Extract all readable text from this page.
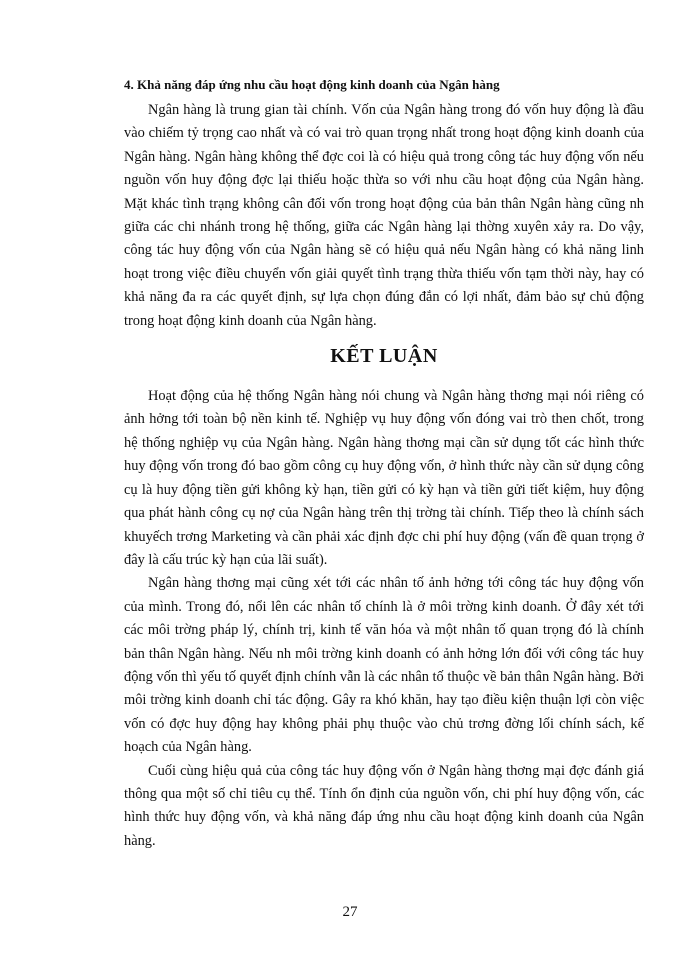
4. Khả năng đáp ứng nhu cầu hoạt động kinh doanh của Ngân hàng

Ngân hàng là trung gian tài chính. Vốn của Ngân hàng trong đó vốn huy động là đầu vào chiếm tỷ trọng cao nhất và có vai trò quan trọng nhất trong hoạt động kinh doanh của Ngân hàng. Ngân hàng không thể đợc coi là có hiệu quả trong công tác huy động vốn nếu nguồn vốn huy động đợc lại thiếu hoặc thừa so với nhu cầu hoạt động của Ngân hàng. Mặt khác tình trạng không cân đối vốn trong hoạt động của bản thân Ngân hàng cũng nh giữa các chi nhánh trong hệ thống, giữa các Ngân hàng lại thờng xuyên xảy ra. Do vậy, công tác huy động vốn của Ngân hàng sẽ có hiệu quả nếu Ngân hàng có khả năng linh hoạt trong việc điều chuyển vốn giải quyết tình trạng thừa thiếu vốn tạm thời này, hay có khả năng đa ra các quyết định, sự lựa chọn đúng đắn có lợi nhất, đảm bảo sự chủ động trong hoạt động kinh doanh của Ngân hàng.

KẾT LUẬN

Hoạt động của hệ thống Ngân hàng nói chung và Ngân hàng thơng mại nói riêng có ảnh hởng tới toàn bộ nền kinh tế. Nghiệp vụ huy động vốn đóng vai trò then chốt, trong hệ thống nghiệp vụ của Ngân hàng. Ngân hàng thơng mại cần sử dụng tốt các hình thức huy động vốn trong đó bao gồm công cụ huy động vốn, ở hình thức này cần sử dụng công cụ là huy động tiền gửi không kỳ hạn, tiền gửi có kỳ hạn và tiền gửi tiết kiệm, huy động qua phát hành công cụ nợ của Ngân hàng trên thị trờng tài chính. Tiếp theo là chính sách khuyếch trơng Marketing và cần phải xác định đợc chi phí huy động (vấn đề quan trọng ở đây là cấu trúc kỳ hạn của lãi suất).

Ngân hàng thơng mại cũng xét tới các nhân tố ảnh hởng tới công tác huy động vốn của mình. Trong đó, nổi lên các nhân tố chính là ở môi trờng kinh doanh. Ở đây xét tới các môi trờng pháp lý, chính trị, kinh tế văn hóa và một nhân tố quan trọng đó là chính bản thân Ngân hàng. Nếu nh môi trờng kinh doanh có ảnh hởng lớn đối với công tác huy động vốn thì yếu tố quyết định chính vẫn là các nhân tố thuộc về bản thân Ngân hàng. Bởi môi trờng kinh doanh chỉ tác động. Gây ra khó khăn, hay tạo điều kiện thuận lợi còn việc vốn có đợc huy động hay không phải phụ thuộc vào chủ trơng đờng lối chính sách, kế hoạch của Ngân hàng.

Cuối cùng hiệu quả của công tác huy động vốn ở Ngân hàng thơng mại đợc đánh giá thông qua một số chỉ tiêu cụ thể. Tính ổn định của nguồn vốn, chi phí huy động vốn, các hình thức huy động vốn, và khả năng đáp ứng nhu cầu hoạt động kinh doanh của Ngân hàng.

27
